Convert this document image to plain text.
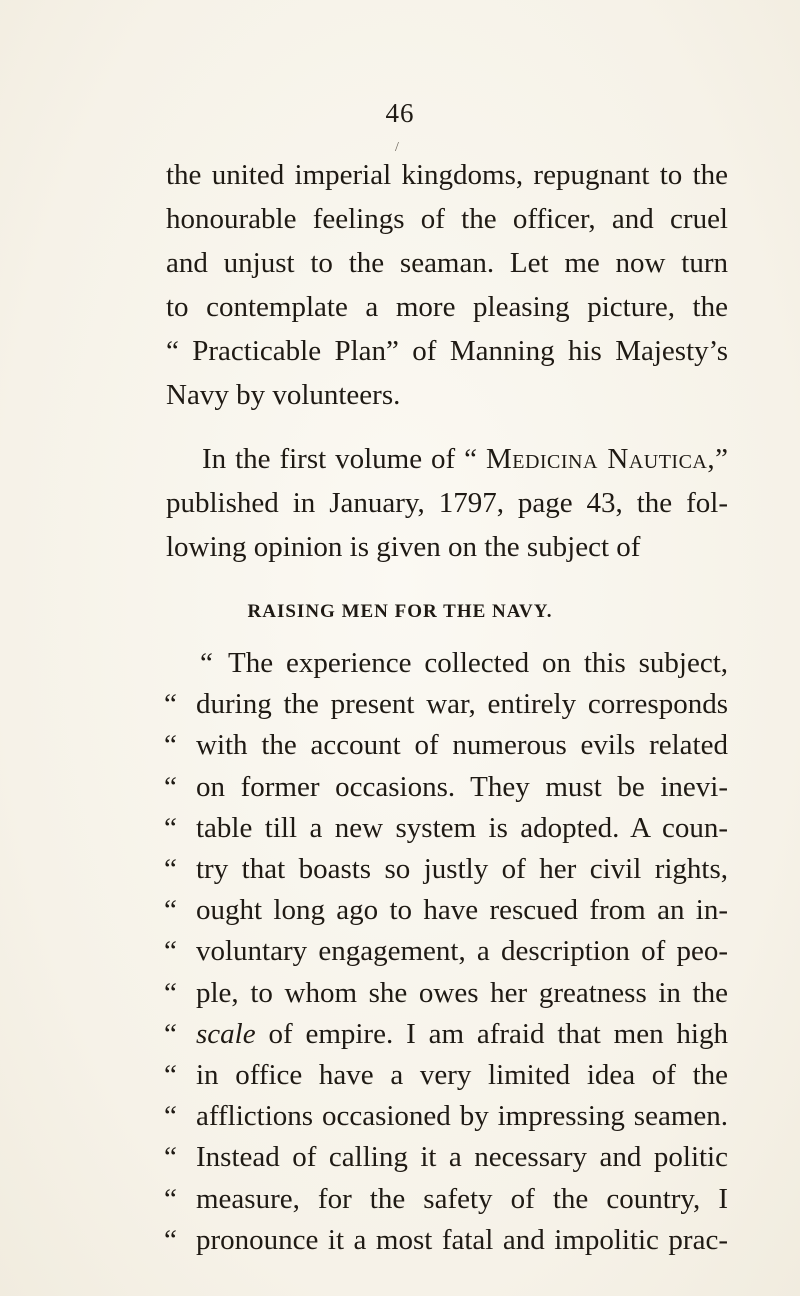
46
/
the united imperial kingdoms, repugnant to the
honourable feelings of the officer, and cruel
and unjust to the seaman. Let me now turn
to contemplate a more pleasing picture, the
“ Practicable Plan” of Manning his Majesty’s
Navy by volunteers.
In the first volume of “ Medicina Nautica,”
published in January, 1797, page 43, the fol-
lowing opinion is given on the subject of
RAISING MEN FOR THE NAVY.
“ The experience collected on this subject,
“ during the present war, entirely corresponds
“ with the account of numerous evils related
“ on former occasions. They must be inevi-
“ table till a new system is adopted. A coun-
“ try that boasts so justly of her civil rights,
“ ought long ago to have rescued from an in-
“ voluntary engagement, a description of peo-
“ ple, to whom she owes her greatness in the
“ scale of empire. I am afraid that men high
“ in office have a very limited idea of the
“ afflictions occasioned by impressing seamen.
“ Instead of calling it a necessary and politic
“ measure, for the safety of the country, I
“ pronounce it a most fatal and impolitic prac-
